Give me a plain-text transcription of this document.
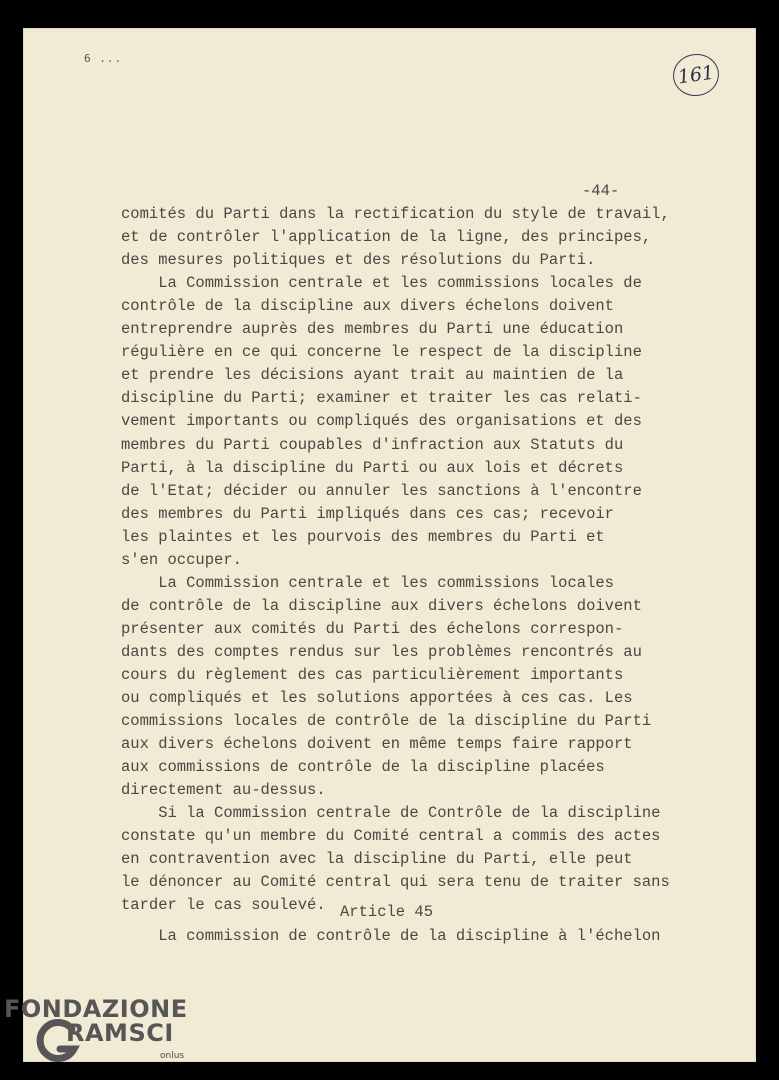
6 ...
161
-44-
comités du Parti dans la rectification du style de travail,
et de contrôler l'application de la ligne, des principes,
des mesures politiques et des résolutions du Parti.
La Commission centrale et les commissions locales de
contrôle de la discipline aux divers échelons doivent
entreprendre auprès des membres du Parti une éducation
régulière en ce qui concerne le respect de la discipline
et prendre les décisions ayant trait au maintien de la
discipline du Parti; examiner et traiter les cas relati-
vement importants ou compliqués des organisations et des
membres du Parti coupables d'infraction aux Statuts du
Parti, à la discipline du Parti ou aux lois et décrets
de l'Etat; décider ou annuler les sanctions à l'encontre
des membres du Parti impliqués dans ces cas; recevoir
les plaintes et les pourvois des membres du Parti et
s'en occuper.
La Commission centrale et les commissions locales
de contrôle de la discipline aux divers échelons doivent
présenter aux comités du Parti des échelons correspon-
dants des comptes rendus sur les problèmes rencontrés au
cours du règlement des cas particulièrement importants
ou compliqués et les solutions apportées à ces cas. Les
commissions locales de contrôle de la discipline du Parti
aux divers échelons doivent en même temps faire rapport
aux commissions de contrôle de la discipline placées
directement au-dessus.
Si la Commission centrale de Contrôle de la discipline
constate qu'un membre du Comité central a commis des actes
en contravention avec la discipline du Parti, elle peut
le dénoncer au Comité central qui sera tenu de traiter sans
tarder le cas soulevé. Article 45
La commission de contrôle de la discipline à l'échelon
FONDAZIONE
RAMSCI
onlus
